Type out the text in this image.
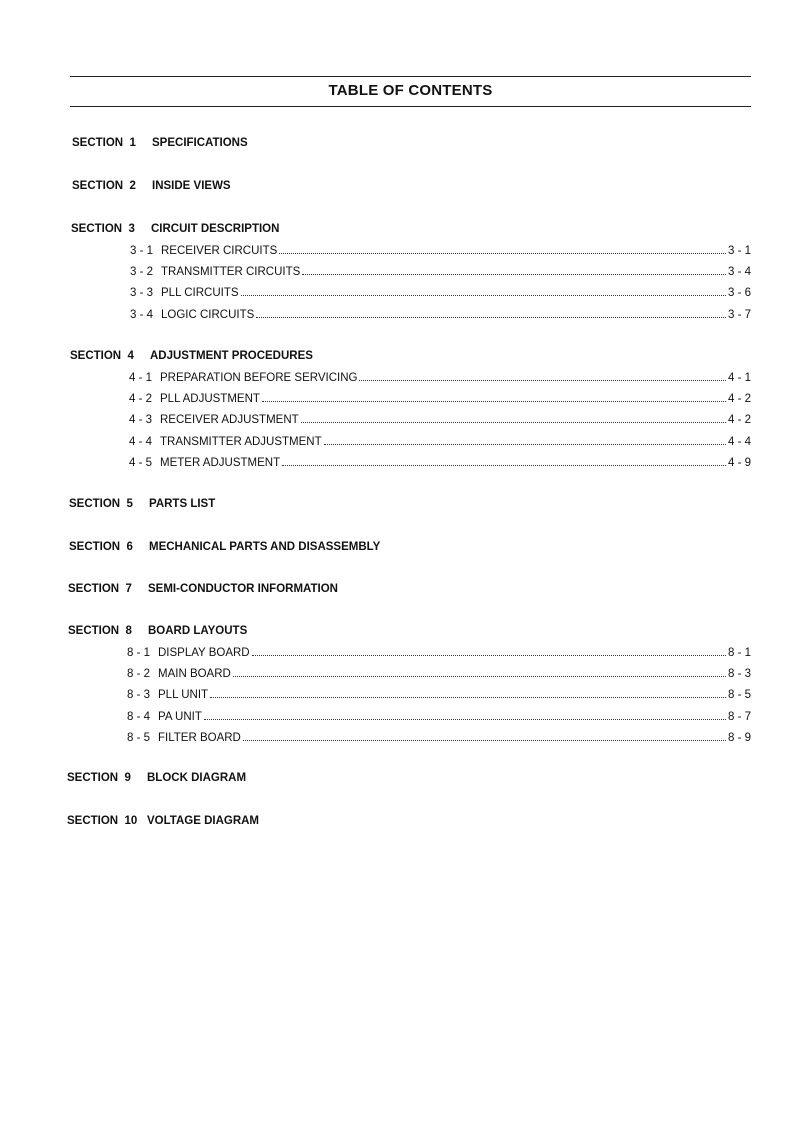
TABLE OF CONTENTS
SECTION  1 SPECIFICATIONS
SECTION  2 INSIDE VIEWS
SECTION  3 CIRCUIT DESCRIPTION
3 - 1 RECEIVER CIRCUITS	3 - 1
3 - 2 TRANSMITTER CIRCUITS	3 - 4
3 - 3 PLL CIRCUITS	3 - 6
3 - 4 LOGIC CIRCUITS	3 - 7
SECTION  4 ADJUSTMENT PROCEDURES
4 - 1 PREPARATION BEFORE SERVICING	4 - 1
4 - 2 PLL ADJUSTMENT	4 - 2
4 - 3 RECEIVER ADJUSTMENT	4 - 2
4 - 4 TRANSMITTER ADJUSTMENT	4 - 4
4 - 5 METER ADJUSTMENT	4 - 9
SECTION  5 PARTS LIST
SECTION  6 MECHANICAL PARTS AND DISASSEMBLY
SECTION  7 SEMI-CONDUCTOR INFORMATION
SECTION  8 BOARD LAYOUTS
8 - 1 DISPLAY BOARD	8 - 1
8 - 2 MAIN BOARD	8 - 3
8 - 3 PLL UNIT	8 - 5
8 - 4 PA UNIT	8 - 7
8 - 5 FILTER BOARD	8 - 9
SECTION  9 BLOCK DIAGRAM
SECTION  10 VOLTAGE DIAGRAM
